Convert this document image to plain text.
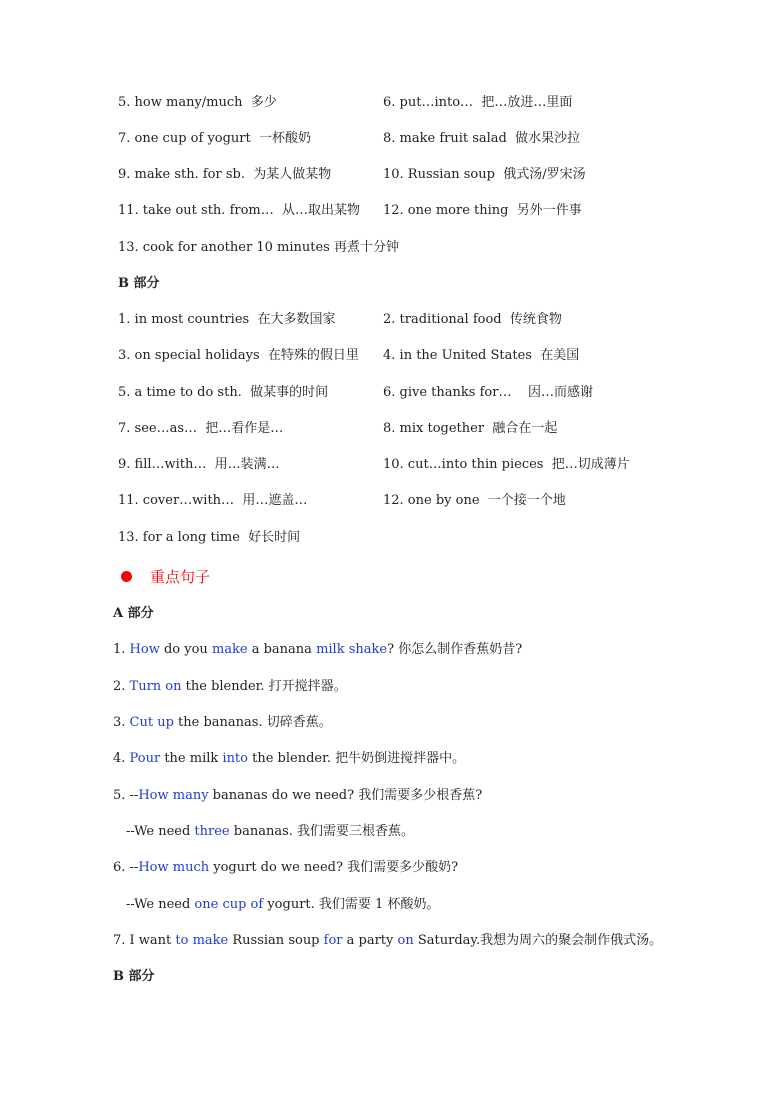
5. how many/much 多少	6. put…into… 把…放进…里面
7. one cup of yogurt 一杯酸奶	8. make fruit salad 做水果沙拉
9. make sth. for sb. 为某人做某物	10. Russian soup 俄式汤/罗宋汤
11. take out sth. from… 从…取出某物 12. one more thing 另外一件事
13. cook for another 10 minutes 再煮十分钟
B 部分
1. in most countries 在大多数国家	2. traditional food 传统食物
3. on special holidays 在特殊的假日里 4. in the United States 在美国
5. a time to do sth. 做某事的时间	6. give thanks for… 因…而感谢
7. see…as… 把…看作是…	8. mix together 融合在一起
9. fill…with… 用…装满…	10. cut…into thin pieces 把…切成薄片
11. cover…with… 用…遮盖…	12. one by one 一个接一个地
13. for a long time 好长时间
重点句子
A 部分
1. How do you make a banana milk shake? 你怎么制作香蕉奶昔?
2. Turn on the blender. 打开搅拌器。
3. Cut up the bananas. 切碎香蕉。
4. Pour the milk into the blender. 把牛奶倒进搅拌器中。
5. --How many bananas do we need? 我们需要多少根香蕉?
--We need three bananas. 我们需要三根香蕉。
6. --How much yogurt do we need? 我们需要多少酸奶?
--We need one cup of yogurt. 我们需要 1 杯酸奶。
7. I want to make Russian soup for a party on Saturday.我想为周六的聚会制作俄式汤。
B 部分
